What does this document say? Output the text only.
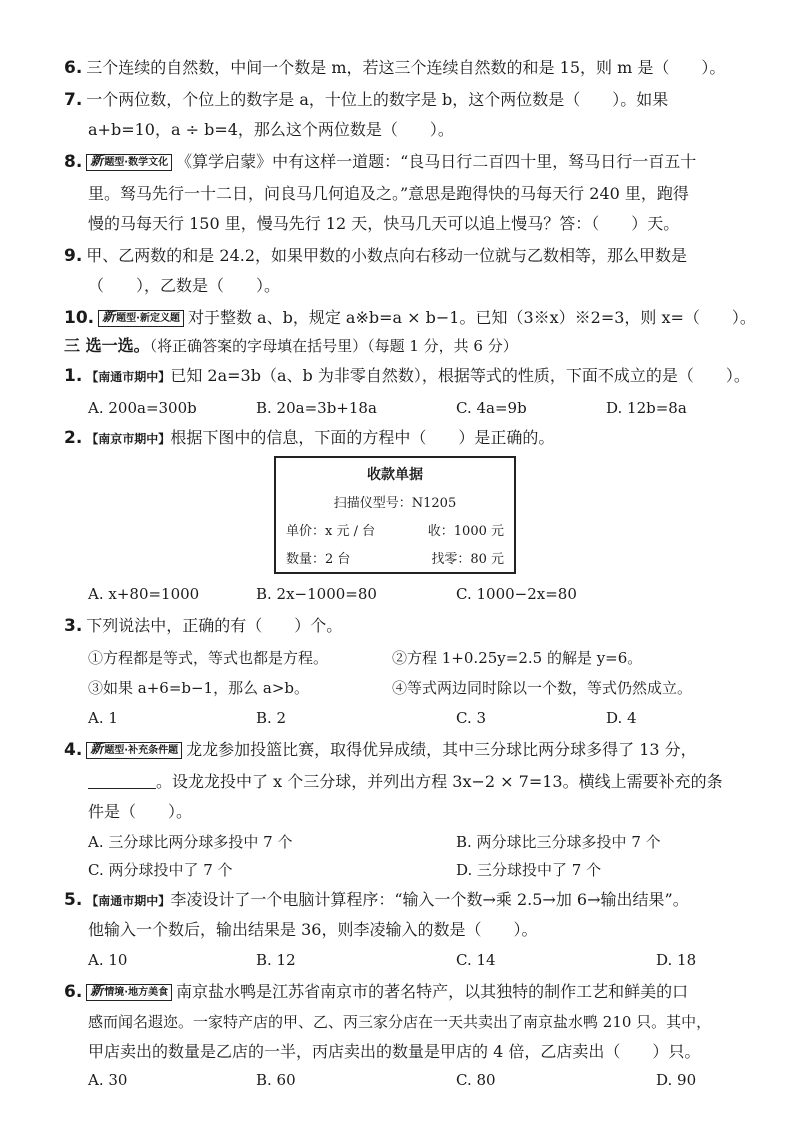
6. 三个连续的自然数，中间一个数是 m，若这三个连续自然数的和是 15，则 m 是（　　）。
7. 一个两位数，个位上的数字是 a，十位上的数字是 b，这个两位数是（　　）。如果
a+b=10，a ÷ b=4，那么这个两位数是（　　）。
8. 新题型·数学文化 《算学启蒙》中有这样一道题：“良马日行二百四十里，驽马日行一百五十
里。驽马先行一十二日，问良马几何追及之。”意思是跑得快的马每天行 240 里，跑得
慢的马每天行 150 里，慢马先行 12 天，快马几天可以追上慢马？答：（　　）天。
9. 甲、乙两数的和是 24.2，如果甲数的小数点向右移动一位就与乙数相等，那么甲数是
（　　），乙数是（　　）。
10. 新题型·新定义题 对于整数 a、b，规定 a※b=a × b−1。已知（3※x）※2=3，则 x=（　　）。
三 选一选。（将正确答案的字母填在括号里）（每题 1 分，共 6 分）
1. 【南通市期中】已知 2a=3b（a、b 为非零自然数），根据等式的性质，下面不成立的是（　　）。
A. 200a=300b	B. 20a=3b+18a	C. 4a=9b	D. 12b=8a
2. 【南京市期中】根据下图中的信息，下面的方程中（　　）是正确的。
收款单据
扫描仪型号：N1205
单价：x 元 / 台	收：1000 元
数量：2 台	找零：80 元
A. x+80=1000	B. 2x−1000=80	C. 1000−2x=80
3. 下列说法中，正确的有（　　）个。
①方程都是等式，等式也都是方程。	②方程 1+0.25y=2.5 的解是 y=6。
③如果 a+6=b−1，那么 a>b。	④等式两边同时除以一个数，等式仍然成立。
A. 1	B. 2	C. 3	D. 4
4. 新题型·补充条件题 龙龙参加投篮比赛，取得优异成绩，其中三分球比两分球多得了 13 分，
。设龙龙投中了 x 个三分球，并列出方程 3x−2 × 7=13。横线上需要补充的条
件是（　　）。
A. 三分球比两分球多投中 7 个	B. 两分球比三分球多投中 7 个
C. 两分球投中了 7 个	D. 三分球投中了 7 个
5. 【南通市期中】李凌设计了一个电脑计算程序：“输入一个数→乘 2.5→加 6→输出结果”。
他输入一个数后，输出结果是 36，则李凌输入的数是（　　）。
A. 10	B. 12	C. 14	D. 18
6. 新情境·地方美食 南京盐水鸭是江苏省南京市的著名特产，以其独特的制作工艺和鲜美的口
感而闻名遐迩。一家特产店的甲、乙、丙三家分店在一天共卖出了南京盐水鸭 210 只。其中，
甲店卖出的数量是乙店的一半，丙店卖出的数量是甲店的 4 倍，乙店卖出（　　）只。
A. 30	B. 60	C. 80	D. 90
